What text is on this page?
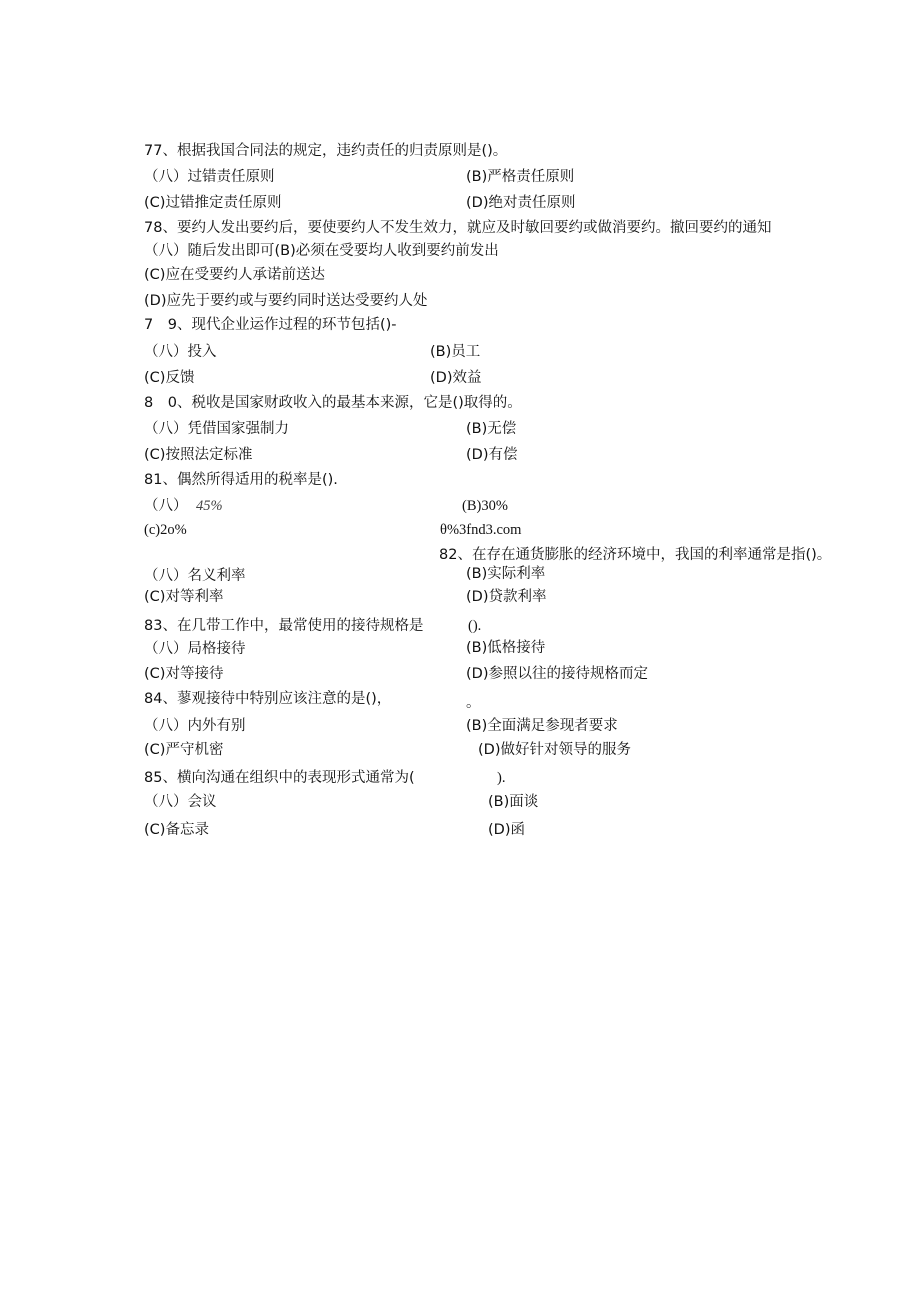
77、根据我国合同法的规定，违约责任的归责原则是()。
（八）过错责任原则	(B)严格责任原则
(C)过错推定责任原则	(D)绝对责任原则
78、要约人发出要约后，要使要约人不发生效力，就应及时敏回要约或做消要约。撤回要约的通知
（八）随后发出即可(B)必须在受要均人收到要约前发出
(C)应在受要约人承诺前送达
(D)应先于要约或与要约同时送达受要约人处
7　9、现代企业运作过程的环节包括()-
（八）投入	(B)员工
(C)反馈	(D)效益
8　0、税收是国家财政收入的最基本来源，它是()取得的。
（八）凭借国家强制力	(B)无偿
(C)按照法定标准	(D)有偿
81、偶然所得适用的税率是().
（八） 45%	(B)30%
(c)2o%	θ%3fnd3.com
82、在存在通货膨胀的经济环境中，我国的利率通常是指()。
（八）名义利率	(B)实际利率
(C)对等利率	(D)贷款利率
83、在几带工作中，最常使用的接待规格是	().
（八）局格接待	(B)低格接待
(C)对等接待	(D)参照以往的接待规格而定
84、蓼观接待中特别应该注意的是()，	。
（八）内外有别	(B)全面满足参现者要求
(C)严守机密	(D)做好针对领导的服务
85、横向沟通在组织中的表现形式通常为(	).
（八）会议	(B)面谈
(C)备忘录	(D)函
